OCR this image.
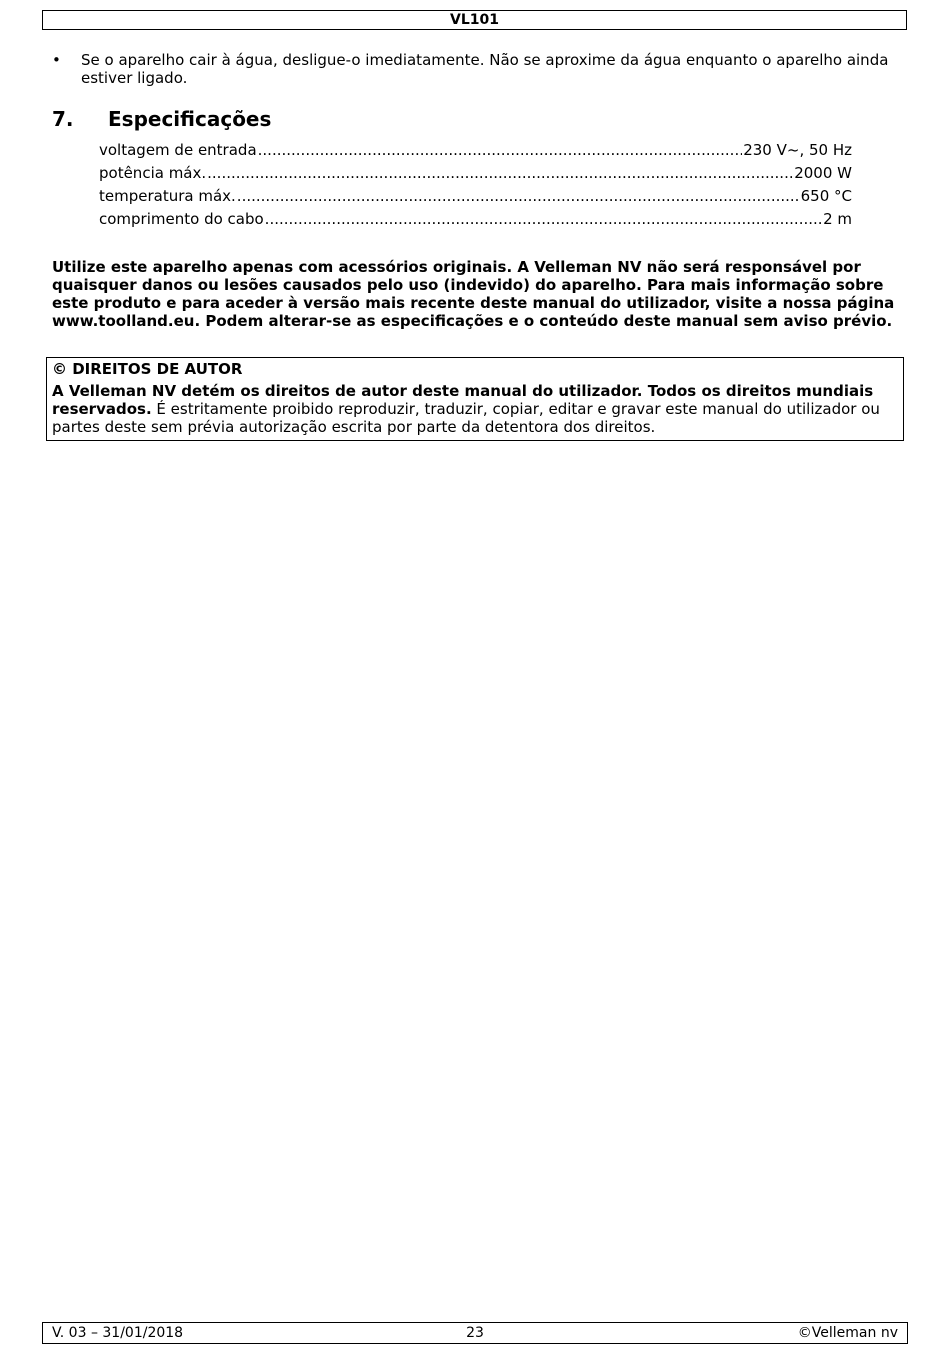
VL101
• Se o aparelho cair à água, desligue-o imediatamente. Não se aproxime da água enquanto o aparelho ainda estiver ligado.
7. Especificações
voltagem de entrada .....	230 V~, 50 Hz
potência máx. .....	2000 W
temperatura máx. .....	650 °C
comprimento do cabo .....	2 m
Utilize este aparelho apenas com acessórios originais. A Velleman NV não será responsável por quaisquer danos ou lesões causados pelo uso (indevido) do aparelho. Para mais informação sobre este produto e para aceder à versão mais recente deste manual do utilizador, visite a nossa página www.toolland.eu. Podem alterar-se as especificações e o conteúdo deste manual sem aviso prévio.
© DIREITOS DE AUTOR
A Velleman NV detém os direitos de autor deste manual do utilizador. Todos os direitos mundiais reservados. É estritamente proibido reproduzir, traduzir, copiar, editar e gravar este manual do utilizador ou partes deste sem prévia autorização escrita por parte da detentora dos direitos.
V. 03 – 31/01/2018	23	©Velleman nv
